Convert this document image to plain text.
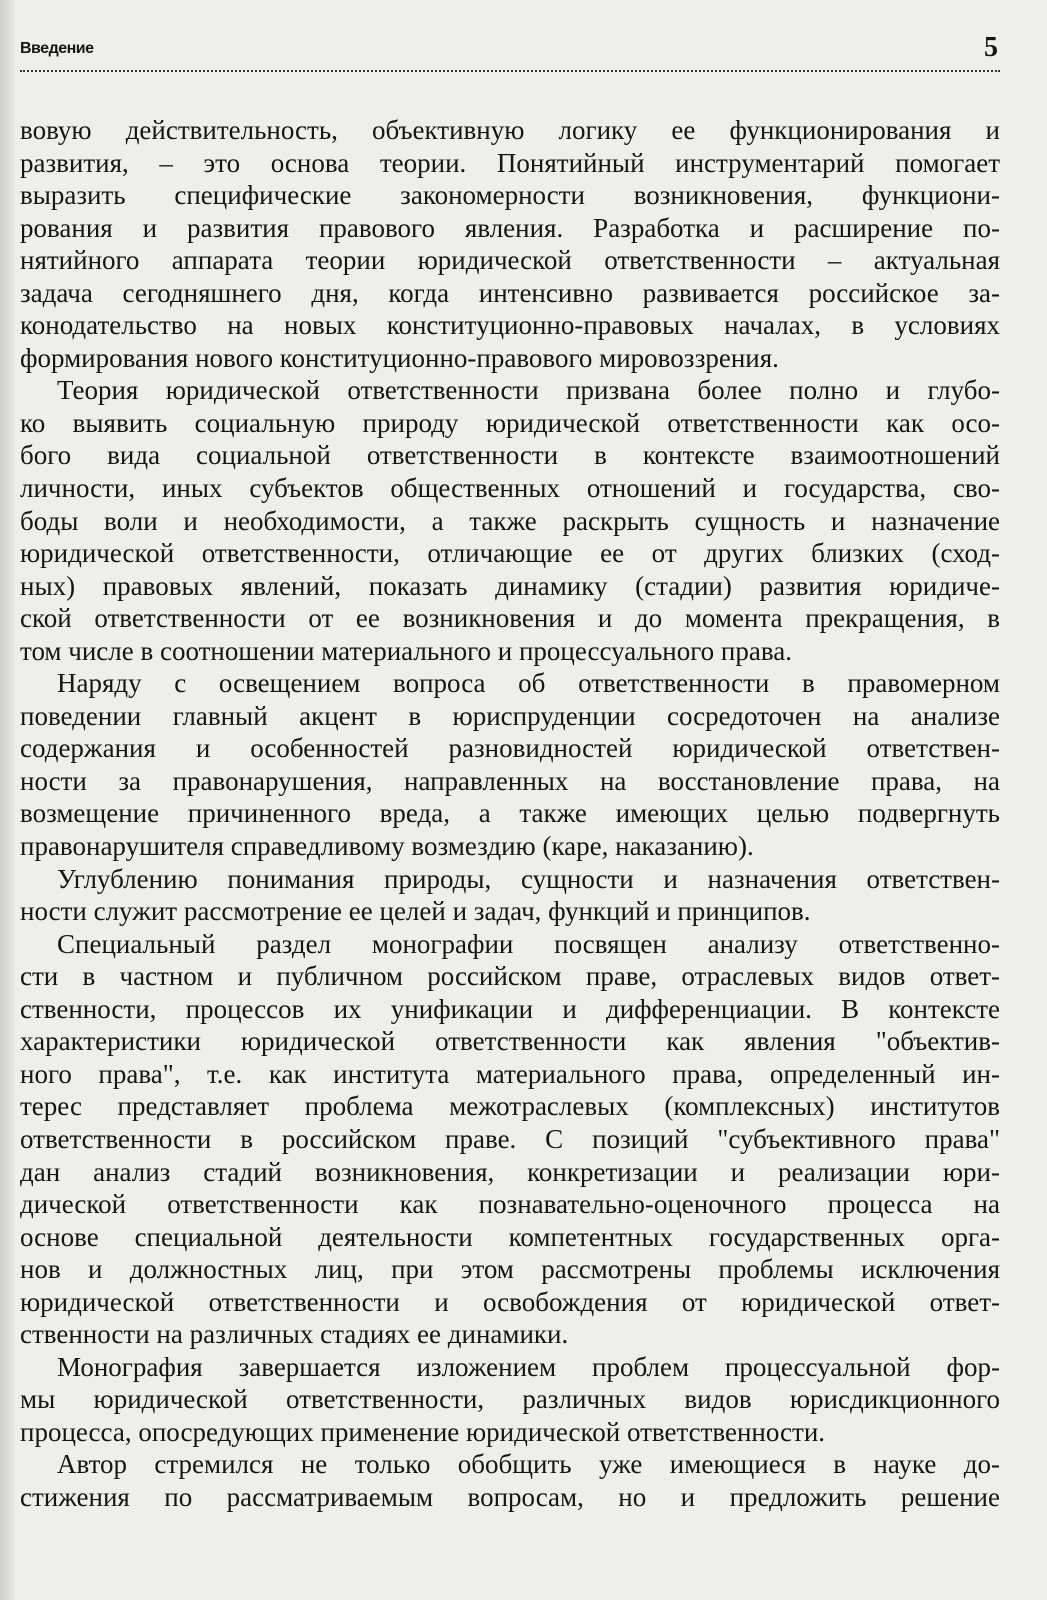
Введение	5
вовую действительность, объективную логику ее функционирования и
развития, – это основа теории. Понятийный инструментарий помогает
выразить специфические закономерности возникновения, функциони-
рования и развития правового явления. Разработка и расширение по-
нятийного аппарата теории юридической ответственности – актуальная
задача сегодняшнего дня, когда интенсивно развивается российское за-
конодательство на новых конституционно-правовых началах, в условиях
формирования нового конституционно-правового мировоззрения.
Теория юридической ответственности призвана более полно и глубо-
ко выявить социальную природу юридической ответственности как осо-
бого вида социальной ответственности в контексте взаимоотношений
личности, иных субъектов общественных отношений и государства, сво-
боды воли и необходимости, а также раскрыть сущность и назначение
юридической ответственности, отличающие ее от других близких (сход-
ных) правовых явлений, показать динамику (стадии) развития юридиче-
ской ответственности от ее возникновения и до момента прекращения, в
том числе в соотношении материального и процессуального права.
Наряду с освещением вопроса об ответственности в правомерном
поведении главный акцент в юриспруденции сосредоточен на анализе
содержания и особенностей разновидностей юридической ответствен-
ности за правонарушения, направленных на восстановление права, на
возмещение причиненного вреда, а также имеющих целью подвергнуть
правонарушителя справедливому возмездию (каре, наказанию).
Углублению понимания природы, сущности и назначения ответствен-
ности служит рассмотрение ее целей и задач, функций и принципов.
Специальный раздел монографии посвящен анализу ответственно-
сти в частном и публичном российском праве, отраслевых видов ответ-
ственности, процессов их унификации и дифференциации. В контексте
характеристики юридической ответственности как явления "объектив-
ного права", т.е. как института материального права, определенный ин-
терес представляет проблема межотраслевых (комплексных) институтов
ответственности в российском праве. С позиций "субъективного права"
дан анализ стадий возникновения, конкретизации и реализации юри-
дической ответственности как познавательно-оценочного процесса на
основе специальной деятельности компетентных государственных орга-
нов и должностных лиц, при этом рассмотрены проблемы исключения
юридической ответственности и освобождения от юридической ответ-
ственности на различных стадиях ее динамики.
Монография завершается изложением проблем процессуальной фор-
мы юридической ответственности, различных видов юрисдикционного
процесса, опосредующих применение юридической ответственности.
Автор стремился не только обобщить уже имеющиеся в науке до-
стижения по рассматриваемым вопросам, но и предложить решение
